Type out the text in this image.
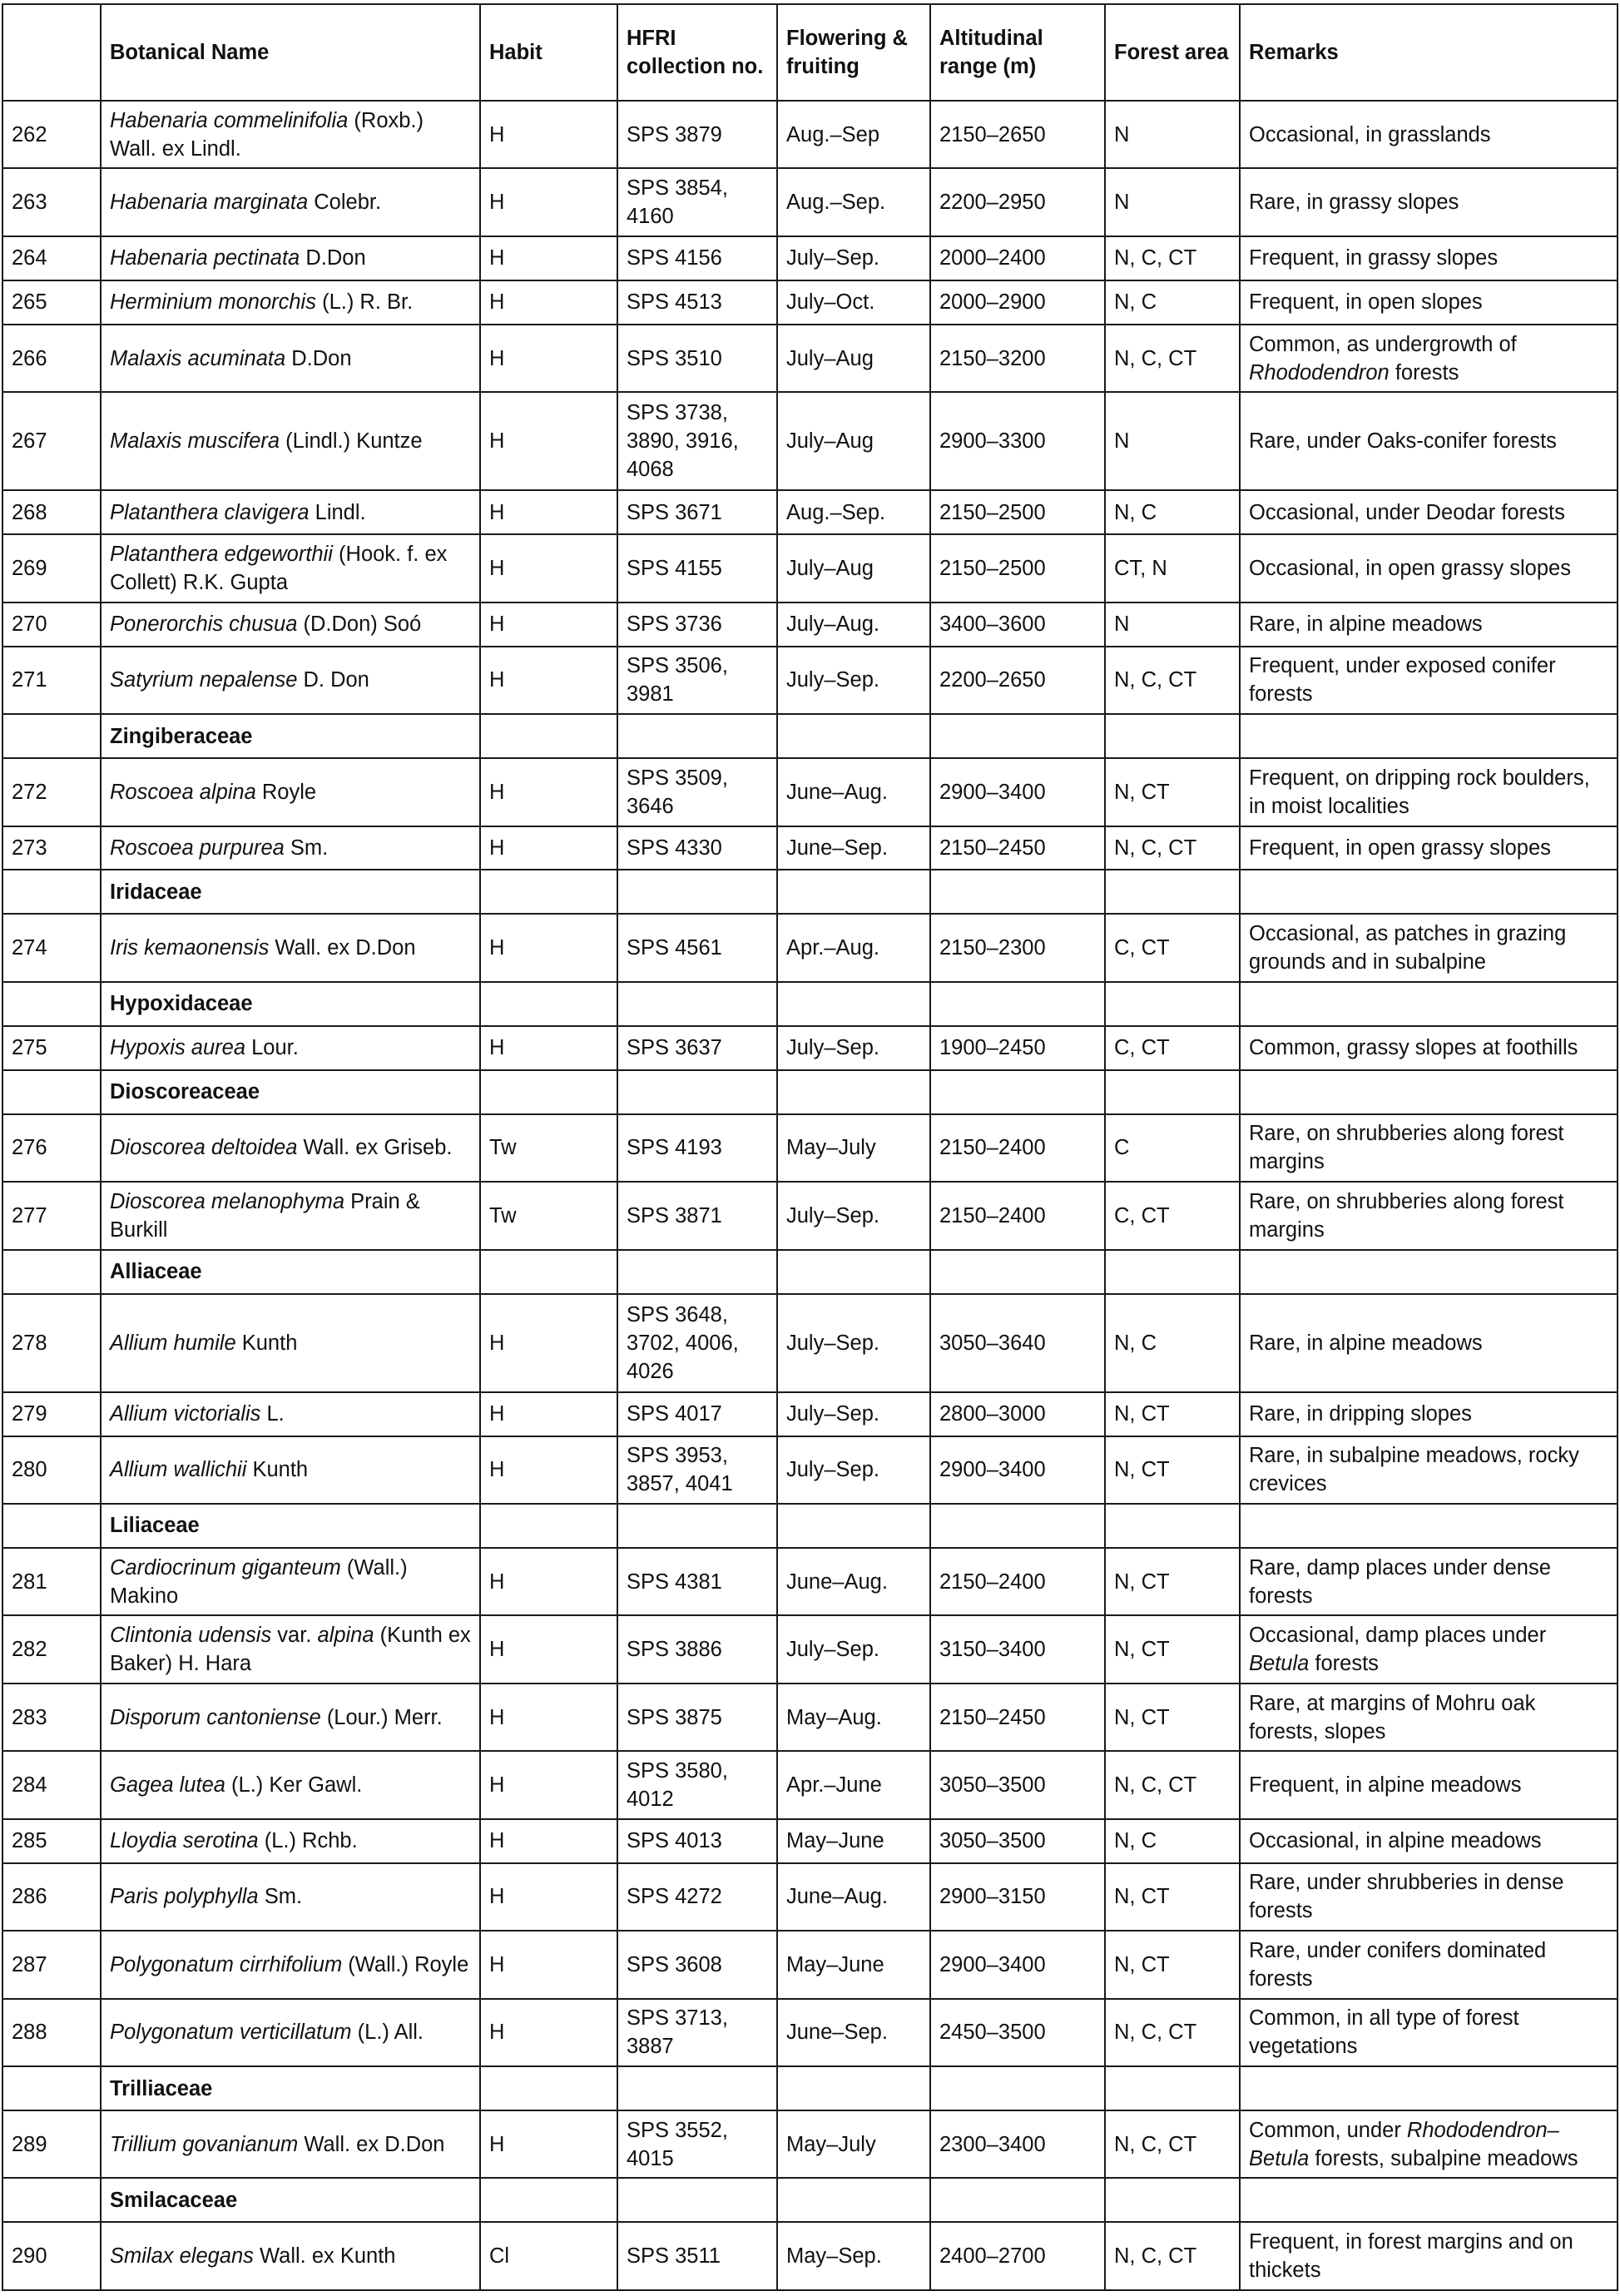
	Botanical Name	Habit	HFRI collection no.	Flowering & fruiting	Altitudinal range (m)	Forest area	Remarks
262	Habenaria commelinifolia (Roxb.) Wall. ex Lindl.	H	SPS 3879	Aug.–Sep	2150–2650	N	Occasional, in grasslands
263	Habenaria marginata Colebr.	H	SPS 3854, 4160	Aug.–Sep.	2200–2950	N	Rare, in grassy slopes
264	Habenaria pectinata D.Don	H	SPS 4156	July–Sep.	2000–2400	N, C, CT	Frequent, in grassy slopes
265	Herminium monorchis (L.) R. Br.	H	SPS 4513	July–Oct.	2000–2900	N, C	Frequent, in open slopes
266	Malaxis acuminata D.Don	H	SPS 3510	July–Aug	2150–3200	N, C, CT	Common, as undergrowth of Rhododendron forests
267	Malaxis muscifera (Lindl.) Kuntze	H	SPS 3738, 3890, 3916, 4068	July–Aug	2900–3300	N	Rare, under Oaks-conifer forests
268	Platanthera clavigera Lindl.	H	SPS 3671	Aug.–Sep.	2150–2500	N, C	Occasional, under Deodar forests
269	Platanthera edgeworthii (Hook. f. ex Collett) R.K. Gupta	H	SPS 4155	July–Aug	2150–2500	CT, N	Occasional, in open grassy slopes
270	Ponerorchis chusua (D.Don) Soó	H	SPS 3736	July–Aug.	3400–3600	N	Rare, in alpine meadows
271	Satyrium nepalense D. Don	H	SPS 3506, 3981	July–Sep.	2200–2650	N, C, CT	Frequent, under exposed conifer forests
	Zingiberaceae						
272	Roscoea alpina Royle	H	SPS 3509, 3646	June–Aug.	2900–3400	N, CT	Frequent, on dripping rock boulders, in moist localities
273	Roscoea purpurea Sm.	H	SPS 4330	June–Sep.	2150–2450	N, C, CT	Frequent, in open grassy slopes
	Iridaceae						
274	Iris kemaonensis Wall. ex D.Don	H	SPS 4561	Apr.–Aug.	2150–2300	C, CT	Occasional, as patches in grazing grounds and in subalpine
	Hypoxidaceae						
275	Hypoxis aurea Lour.	H	SPS 3637	July–Sep.	1900–2450	C, CT	Common, grassy slopes at foothills
	Dioscoreaceae						
276	Dioscorea deltoidea Wall. ex Griseb.	Tw	SPS 4193	May–July	2150–2400	C	Rare, on shrubberies along forest margins
277	Dioscorea melanophyma Prain & Burkill	Tw	SPS 3871	July–Sep.	2150–2400	C, CT	Rare, on shrubberies along forest margins
	Alliaceae						
278	Allium humile Kunth	H	SPS 3648, 3702, 4006, 4026	July–Sep.	3050–3640	N, C	Rare, in alpine meadows
279	Allium victorialis L.	H	SPS 4017	July–Sep.	2800–3000	N, CT	Rare, in dripping slopes
280	Allium wallichii Kunth	H	SPS 3953, 3857, 4041	July–Sep.	2900–3400	N, CT	Rare, in subalpine meadows, rocky crevices
	Liliaceae						
281	Cardiocrinum giganteum (Wall.) Makino	H	SPS 4381	June–Aug.	2150–2400	N, CT	Rare, damp places under dense forests
282	Clintonia udensis var. alpina (Kunth ex Baker) H. Hara	H	SPS 3886	July–Sep.	3150–3400	N, CT	Occasional, damp places under Betula forests
283	Disporum cantoniense (Lour.) Merr.	H	SPS 3875	May–Aug.	2150–2450	N, CT	Rare, at margins of Mohru oak forests, slopes
284	Gagea lutea (L.) Ker Gawl.	H	SPS 3580, 4012	Apr.–June	3050–3500	N, C, CT	Frequent, in alpine meadows
285	Lloydia serotina (L.) Rchb.	H	SPS 4013	May–June	3050–3500	N, C	Occasional, in alpine meadows
286	Paris polyphylla Sm.	H	SPS 4272	June–Aug.	2900–3150	N, CT	Rare, under shrubberies in dense forests
287	Polygonatum cirrhifolium (Wall.) Royle	H	SPS 3608	May–June	2900–3400	N, CT	Rare, under conifers dominated forests
288	Polygonatum verticillatum (L.) All.	H	SPS 3713, 3887	June–Sep.	2450–3500	N, C, CT	Common, in all type of forest vegetations
	Trilliaceae						
289	Trillium govanianum Wall. ex D.Don	H	SPS 3552, 4015	May–July	2300–3400	N, C, CT	Common, under Rhododendron–Betula forests, subalpine meadows
	Smilacaceae						
290	Smilax elegans Wall. ex Kunth	Cl	SPS 3511	May–Sep.	2400–2700	N, C, CT	Frequent, in forest margins and on thickets
